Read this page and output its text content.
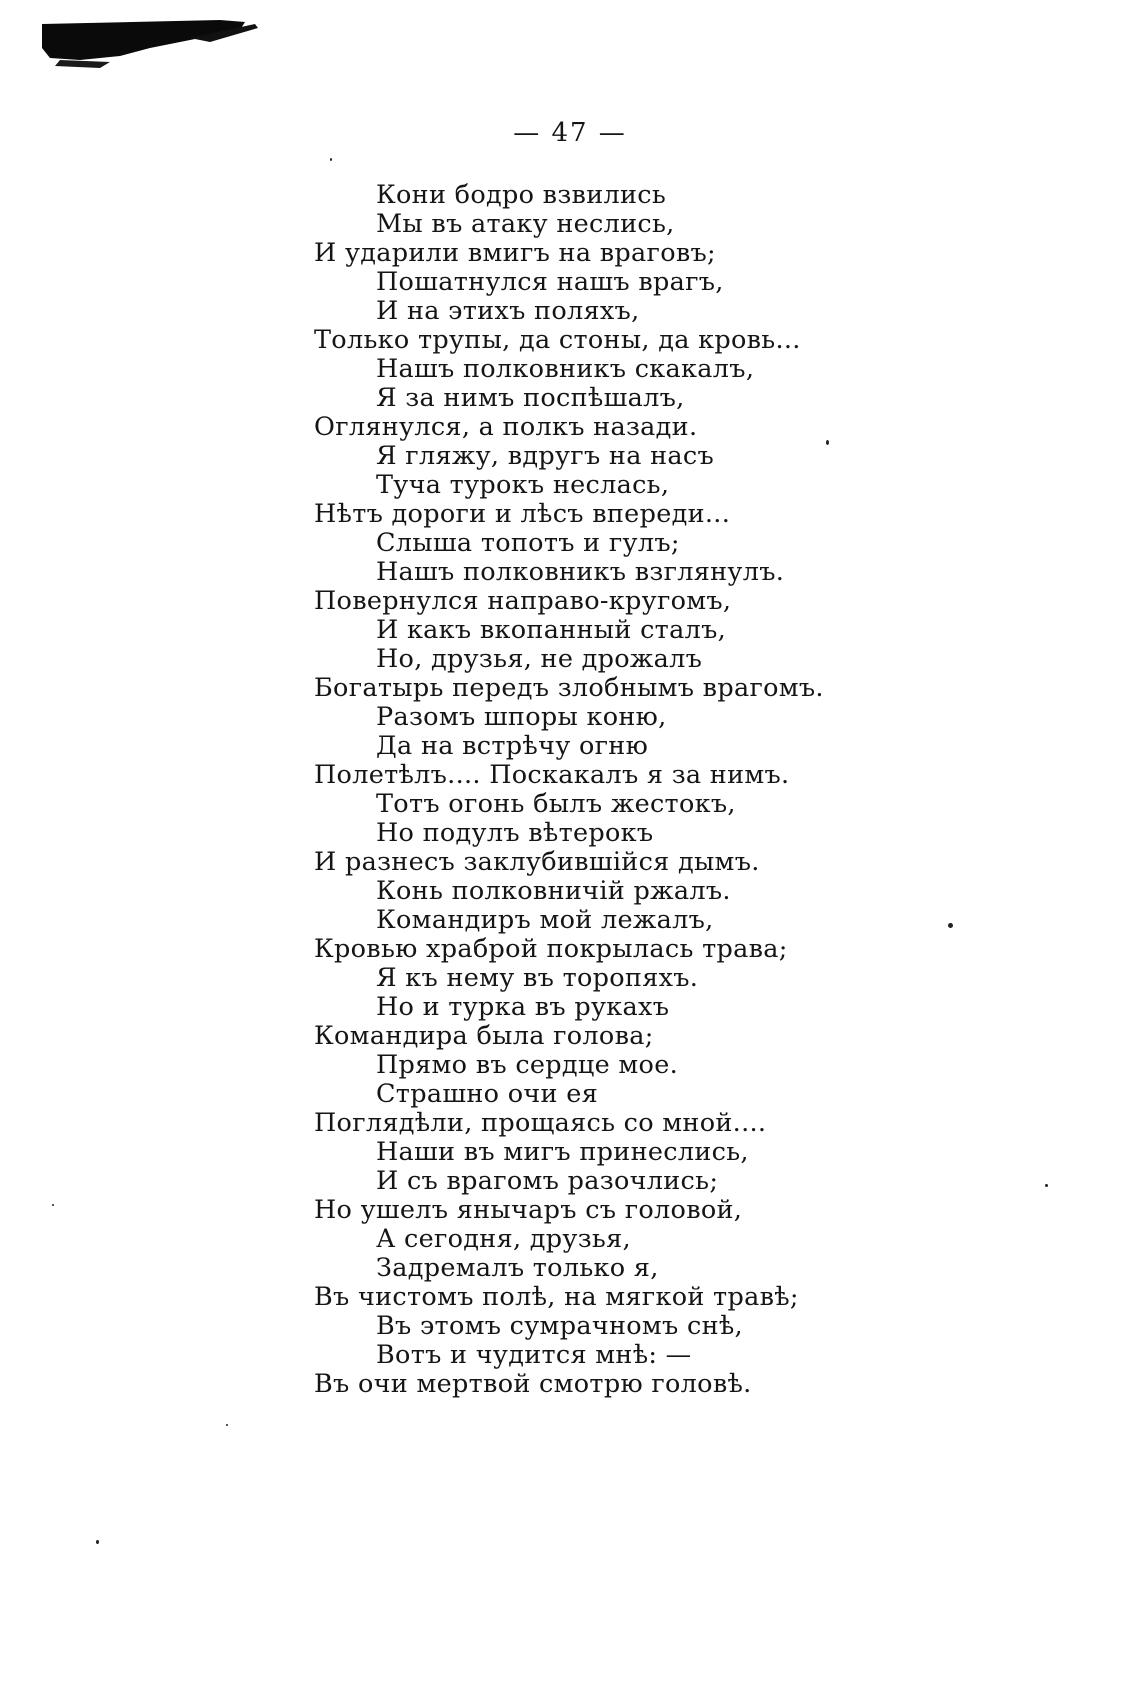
— 47 —
Кони бодро взвились
Мы въ атаку неслись,
И ударили вмигъ на враговъ;
Пошатнулся нашъ врагъ,
И на этихъ поляхъ,
Только трупы, да стоны, да кровь...
Нашъ полковникъ скакалъ,
Я за нимъ поспѣшалъ,
Оглянулся, а полкъ назади.
Я гляжу, вдругъ на насъ
Туча турокъ неслась,
Нѣтъ дороги и лѣсъ впереди...
Слыша топотъ и гулъ;
Нашъ полковникъ взглянулъ.
Повернулся направо-кругомъ,
И какъ вкопанный сталъ,
Но, друзья, не дрожалъ
Богатырь передъ злобнымъ врагомъ.
Разомъ шпоры коню,
Да на встрѣчу огню
Полетѣлъ.... Поскакалъ я за нимъ.
Тотъ огонь былъ жестокъ,
Но подулъ вѣтерокъ
И разнесъ заклубившійся дымъ.
Конь полковничій ржалъ.
Командиръ мой лежалъ,
Кровью храброй покрылась трава;
Я къ нему въ торопяхъ.
Но и турка въ рукахъ
Командира была голова;
Прямо въ сердце мое.
Страшно очи ея
Поглядѣли, прощаясь со мной....
Наши въ мигъ принеслись,
И съ врагомъ разочлись;
Но ушелъ янычаръ съ головой,
А сегодня, друзья,
Задремалъ только я,
Въ чистомъ полѣ, на мягкой травѣ;
Въ этомъ сумрачномъ снѣ,
Вотъ и чудится мнѣ: —
Въ очи мертвой смотрю головѣ.
